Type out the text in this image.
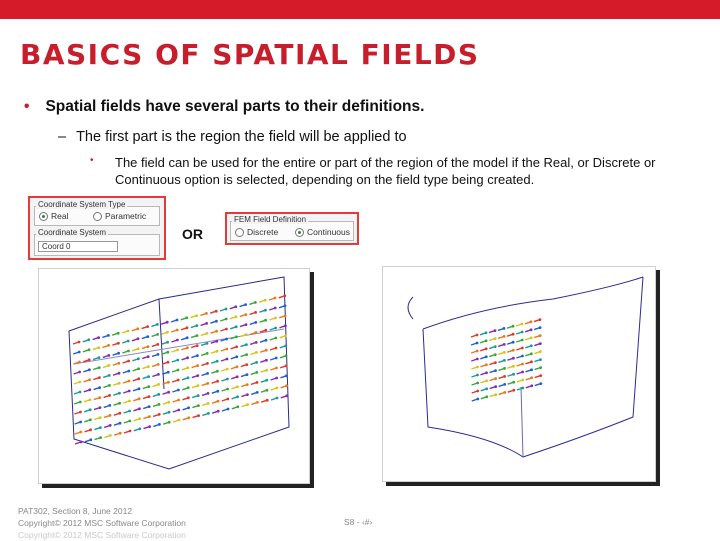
BASICS OF SPATIAL FIELDS
• Spatial fields have several parts to their definitions.
– The first part is the region the field will be applied to
• The field can be used for the entire or part of the region of the model if the Real, or Discrete or Continuous option is selected, depending on the field type being created.
Real	Parametric
Coordinate System Type
Coordinate System
Coord 0
OR	Discrete	Continuous
FEM Field Definition
PAT302, Section 8, June 2012
Copyright© 2012 MSC Software Corporation
Copyright© 2012 MSC Software Corporation
S8 - ‹#›
